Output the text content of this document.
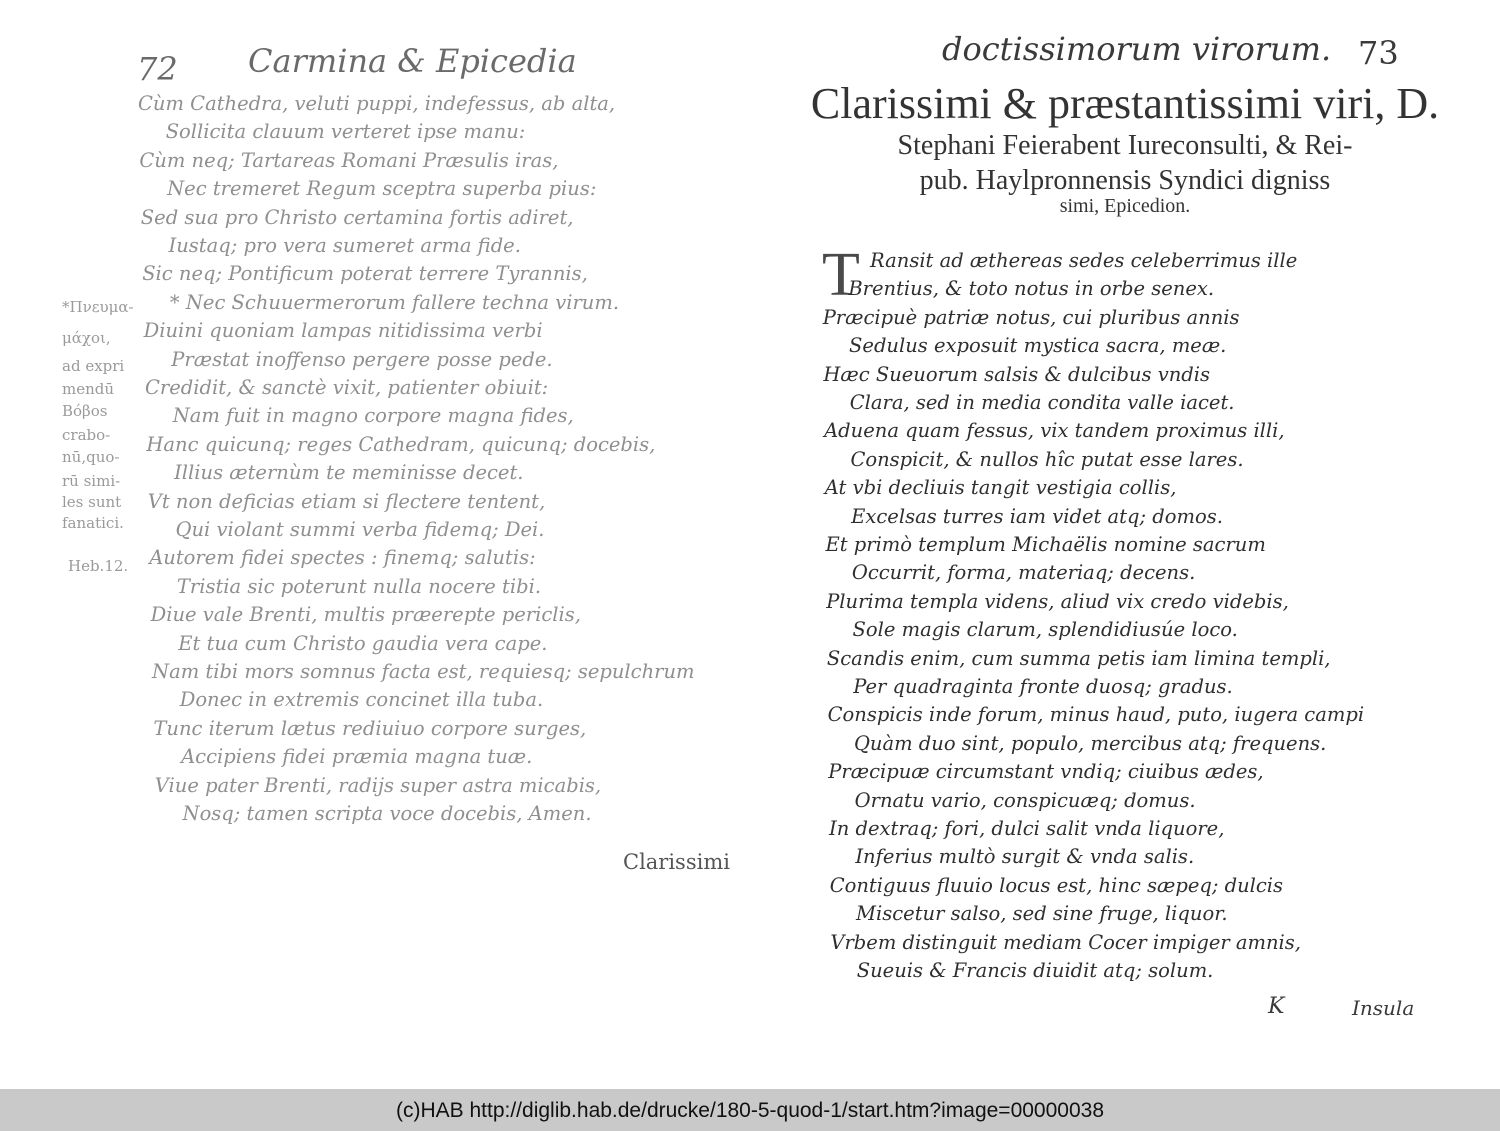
72 Carmina & Epicedia
Cùm Cathedra, veluti puppi, indefessus, ab alta,
Sollicita clauum verteret ipse manu:
Cùm neq; Tartareas Romani Præsulis iras,
Nec tremeret Regum sceptra superba pius:
Sed sua pro Christo certamina fortis adiret,
Iustaq; pro vera sumeret arma fide.
Sic neq; Pontificum poterat terrere Tyrannis,
* Nec Schuuermerorum fallere techna virum.
Diuini quoniam lampas nitidissima verbi
Præstat inoffenso pergere posse pede.
Credidit, & sanctè vixit, patienter obiuit:
Nam fuit in magno corpore magna fides,
Hanc quicunq; reges Cathedram, quicunq; docebis,
Illius æternùm te meminisse decet.
Vt non deficias etiam si flectere tentent,
Qui violant summi verba fidemq; Dei.
Autorem fidei spectes : finemq; salutis:
Tristia sic poterunt nulla nocere tibi.
Diue vale Brenti, multis præerepte periclis,
Et tua cum Christo gaudia vera cape.
Nam tibi mors somnus facta est, requiesq; sepulchrum
Donec in extremis concinet illa tuba.
Tunc iterum lætus rediuiuo corpore surges,
Accipiens fidei præmia magna tuæ.
Viue pater Brenti, radijs super astra micabis,
Nosq; tamen scripta voce docebis, Amen.
*Πνευμα-
μάχοι,
ad expri
mendū
Bόβos
crabo-
nū,quo-
rū simi-
les sunt
fanatici.
Heb.12.
Clarissimi
doctissimorum virorum. 73
Clarissimi & præstantissimi viri, D.
Stephani Feierabent Iureconsulti, & Rei-
pub. Haylpronnensis Syndici digniss
simi, Epicedion.
T Ransit ad æthereas sedes celeberrimus ille
Brentius, & toto notus in orbe senex.
Præcipuè patriæ notus, cui pluribus annis
Sedulus exposuit mystica sacra, meæ.
Hæc Sueuorum salsis & dulcibus vndis
Clara, sed in media condita valle iacet.
Aduena quam fessus, vix tandem proximus illi,
Conspicit, & nullos hîc putat esse lares.
At vbi decliuis tangit vestigia collis,
Excelsas turres iam videt atq; domos.
Et primò templum Michaëlis nomine sacrum
Occurrit, forma, materiaq; decens.
Plurima templa videns, aliud vix credo videbis,
Sole magis clarum, splendidiusúe loco.
Scandis enim, cum summa petis iam limina templi,
Per quadraginta fronte duosq; gradus.
Conspicis inde forum, minus haud, puto, iugera campi
Quàm duo sint, populo, mercibus atq; frequens.
Præcipuæ circumstant vndiq; ciuibus ædes,
Ornatu vario, conspicuæq; domus.
In dextraq; fori, dulci salit vnda liquore,
Inferius multò surgit & vnda salis.
Contiguus fluuio locus est, hinc sæpeq; dulcis
Miscetur salso, sed sine fruge, liquor.
Vrbem distinguit mediam Cocer impiger amnis,
Sueuis & Francis diuidit atq; solum.
K	Insula
(c)HAB http://diglib.hab.de/drucke/180-5-quod-1/start.htm?image=00000038
